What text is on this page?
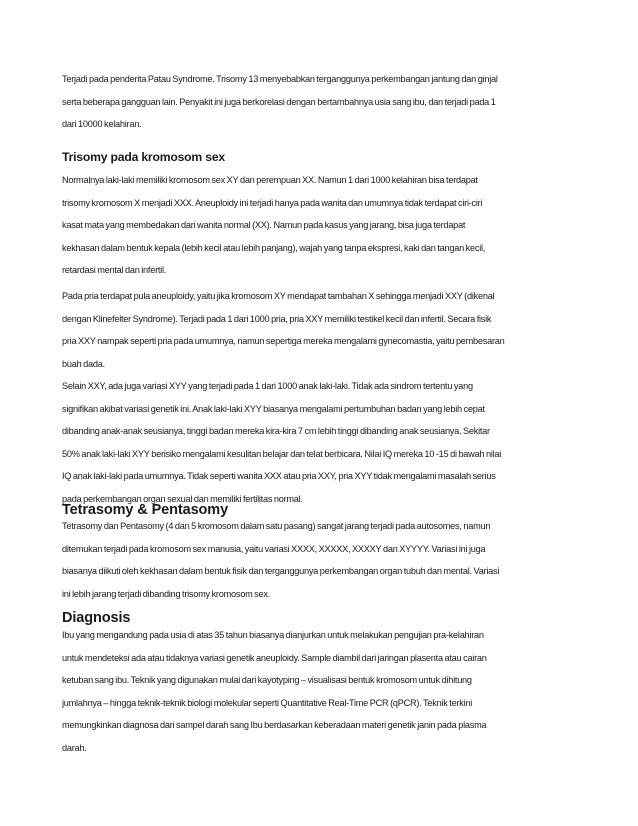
Terjadi pada penderita Patau Syndrome. Trisomy 13 menyebabkan terganggunya perkembangan jantung dan ginjal
serta beberapa gangguan lain. Penyakit ini juga berkorelasi dengan bertambahnya usia sang ibu, dan terjadi pada 1
dari 10000 kelahiran.

Trisomy pada kromosom sex

Normalnya laki-laki memiliki kromosom sex XY dan perempuan XX. Namun 1 dari 1000 kelahiran bisa terdapat
trisomy kromosom X menjadi XXX. Aneuploidy ini terjadi hanya pada wanita dan umumnya tidak terdapat ciri-ciri
kasat mata yang membedakan dari wanita normal (XX). Namun pada kasus yang jarang, bisa juga terdapat
kekhasan dalam bentuk kepala (lebih kecil atau lebih panjang), wajah yang tanpa ekspresi, kaki dan tangan kecil,
retardasi mental dan infertil.

Pada pria terdapat pula aneuploidy, yaitu jika kromosom XY mendapat tambahan X sehingga menjadi XXY (dikenal
dengan Klinefelter Syndrome). Terjadi pada 1 dari 1000 pria, pria XXY memiliki testikel kecil dan infertil. Secara fisik
pria XXY nampak seperti pria pada umumnya, namun sepertiga mereka mengalami gynecomastia, yaitu pembesaran
buah dada.

Selain XXY, ada juga variasi XYY yang terjadi pada 1 dari 1000 anak laki-laki. Tidak ada sindrom tertentu yang
signifikan akibat variasi genetik ini. Anak laki-laki XYY biasanya mengalami pertumbuhan badan yang lebih cepat
dibanding anak-anak seusianya, tinggi badan mereka kira-kira 7 cm lebih tinggi dibanding anak seusianya. Sekitar
50% anak laki-laki XYY berisiko mengalami kesulitan belajar dan telat berbicara. Nilai IQ mereka 10 -15 di bawah nilai
IQ anak laki-laki pada umumnya. Tidak seperti wanita XXX atau pria XXY, pria XYY tidak mengalami masalah serius
pada perkembangan organ sexual dan memiliki fertilitas normal.

Tetrasomy & Pentasomy

Tetrasomy dan Pentasomy (4 dan 5 kromosom dalam satu pasang) sangat jarang terjadi pada autosomes, namun
ditemukan terjadi pada kromosom sex manusia, yaitu variasi XXXX, XXXXX, XXXXY dan XYYYY. Variasi ini juga
biasanya diikuti oleh kekhasan dalam bentuk fisik dan terganggunya perkembangan organ tubuh dan mental. Variasi
ini lebih jarang terjadi dibanding trisomy kromosom sex.

Diagnosis

Ibu yang mengandung pada usia di atas 35 tahun biasanya dianjurkan untuk melakukan pengujian pra-kelahiran
untuk mendeteksi ada atau tidaknya variasi genetik aneuploidy. Sample diambil dari jaringan plasenta atau cairan
ketuban sang ibu. Teknik yang digunakan mulai dari kayotyping – visualisasi bentuk kromosom untuk dihitung
jumlahnya – hingga teknik-teknik biologi molekular seperti Quantitative Real-Time PCR (qPCR). Teknik terkini
memungkinkan diagnosa dari sampel darah sang Ibu berdasarkan keberadaan materi genetik janin pada plasma
darah.
